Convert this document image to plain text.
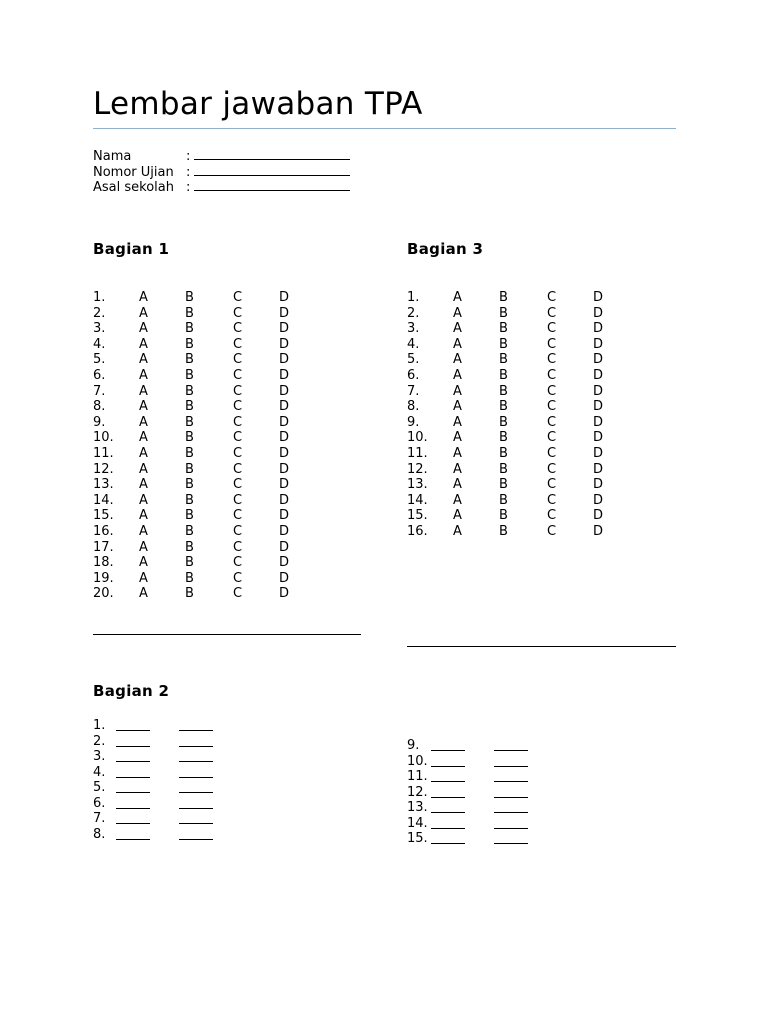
Lembar jawaban TPA
Nama	:
Nomor Ujian :
Asal sekolah :
Bagian 1	Bagian 3
1.	A	B	C	D
2.	A	B	C	D
3.	A	B	C	D
4.	A	B	C	D
5.	A	B	C	D
6.	A	B	C	D
7.	A	B	C	D
8.	A	B	C	D
9.	A	B	C	D
10. A	B	C	D
11. A	B	C	D
12. A	B	C	D
13. A	B	C	D
14. A	B	C	D
15. A	B	C	D
16. A	B	C	D
17. A	B	C	D
18. A	B	C	D
19. A	B	C	D
20. A	B	C	D
1.	A	B	C	D
2.	A	B	C	D
3.	A	B	C	D
4.	A	B	C	D
5.	A	B	C	D
6.	A	B	C	D
7.	A	B	C	D
8.	A	B	C	D
9.	A	B	C	D
10. A	B	C	D
11. A	B	C	D
12. A	B	C	D
13. A	B	C	D
14. A	B	C	D
15. A	B	C	D
16. A	B	C	D
Bagian 2
1.
2.
3.
4.
5.
6.
7.
8.
9.
10.
11.
12.
13.
14.
15.
